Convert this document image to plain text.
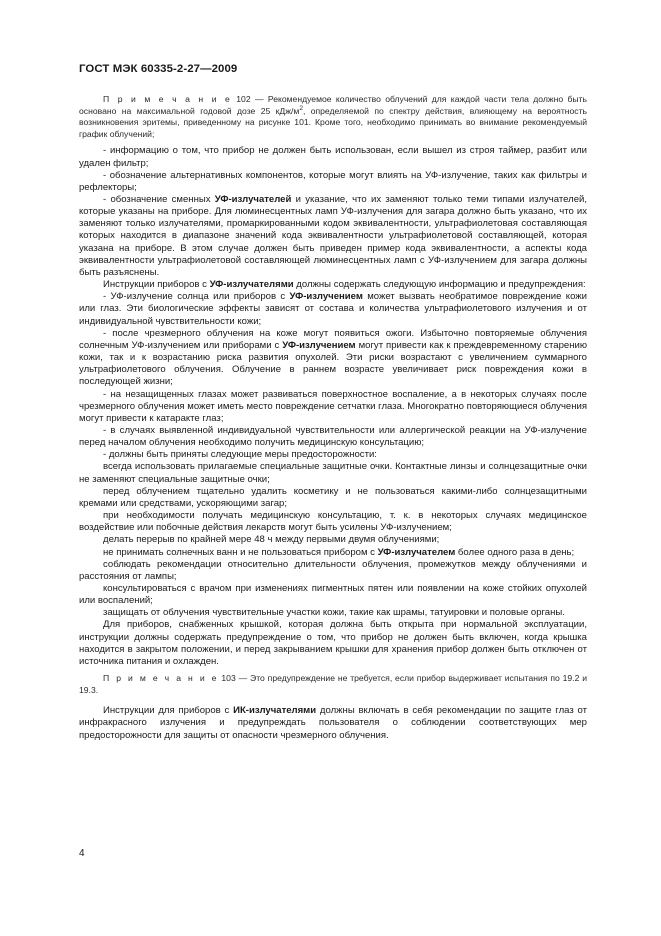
ГОСТ МЭК 60335-2-27—2009

П р и м е ч а н и е 102 — Рекомендуемое количество облучений для каждой части тела должно быть основано на максимальной годовой дозе 25 кДж/$м^2$, определяемой по спектру действия, влияющему на вероятность возникновения эритемы, приведенному на рисунке 101. Кроме того, необходимо принимать во внимание рекомендуемый график облучений;

- информацию о том, что прибор не должен быть использован, если вышел из строя таймер, разбит или удален фильтр;

- обозначение альтернативных компонентов, которые могут влиять на УФ-излучение, таких как фильтры и рефлекторы;

- обозначение сменных УФ-излучателей и указание, что их заменяют только теми типами излучателей, которые указаны на приборе. Для люминесцентных ламп УФ-излучения для загара должно быть указано, что их заменяют только излучателями, промаркированными кодом эквивалентности, ультрафиолетовая составляющая которых находится в диапазоне значений кода эквивалентности ультрафиолетовой составляющей, которая указана на приборе. В этом случае должен быть приведен пример кода эквивалентности, а аспекты кода эквивалентности ультрафиолетовой составляющей люминесцентных ламп с УФ-излучением для загара должны быть разъяснены.

Инструкции приборов с УФ-излучателями должны содержать следующую информацию и предупреждения:

- УФ-излучение солнца или приборов с УФ-излучением может вызвать необратимое повреждение кожи или глаз. Эти биологические эффекты зависят от состава и количества ультрафиолетового излучения и от индивидуальной чувствительности кожи;

- после чрезмерного облучения на коже могут появиться ожоги. Избыточно повторяемые облучения солнечным УФ-излучением или приборами с УФ-излучением могут привести как к преждевременному старению кожи, так и к возрастанию риска развития опухолей. Эти риски возрастают с увеличением суммарного ультрафиолетового облучения. Облучение в раннем возрасте увеличивает риск повреждения кожи в последующей жизни;

- на незащищенных глазах может развиваться поверхностное воспаление, а в некоторых случаях после чрезмерного облучения может иметь место повреждение сетчатки глаза. Многократно повторяющиеся облучения могут привести к катаракте глаз;

- в случаях выявленной индивидуальной чувствительности или аллергической реакции на УФ-излучение перед началом облучения необходимо получить медицинскую консультацию;

- должны быть приняты следующие меры предосторожности:

всегда использовать прилагаемые специальные защитные очки. Контактные линзы и солнцезащитные очки не заменяют специальные защитные очки;

перед облучением тщательно удалить косметику и не пользоваться какими-либо солнцезащитными кремами или средствами, ускоряющими загар;

при необходимости получать медицинскую консультацию, т. к. в некоторых случаях медицинское воздействие или побочные действия лекарств могут быть усилены УФ-излучением;

делать перерыв по крайней мере 48 ч между первыми двумя облучениями;

не принимать солнечных ванн и не пользоваться прибором с УФ-излучателем более одного раза в день;

соблюдать рекомендации относительно длительности облучения, промежутков между облучениями и расстояния от лампы;

консультироваться с врачом при изменениях пигментных пятен или появлении на коже стойких опухолей или воспалений;

защищать от облучения чувствительные участки кожи, такие как шрамы, татуировки и половые органы.

Для приборов, снабженных крышкой, которая должна быть открыта при нормальной эксплуатации, инструкции должны содержать предупреждение о том, что прибор не должен быть включен, когда крышка находится в закрытом положении, и перед закрыванием крышки для хранения прибор должен быть отключен от источника питания и охлажден.

П р и м е ч а н и е 103 — Это предупреждение не требуется, если прибор выдерживает испытания по 19.2 и 19.3.

Инструкции для приборов с ИК-излучателями должны включать в себя рекомендации по защите глаз от инфракрасного излучения и предупреждать пользователя о соблюдении соответствующих мер предосторожности для защиты от опасности чрезмерного облучения.

4
